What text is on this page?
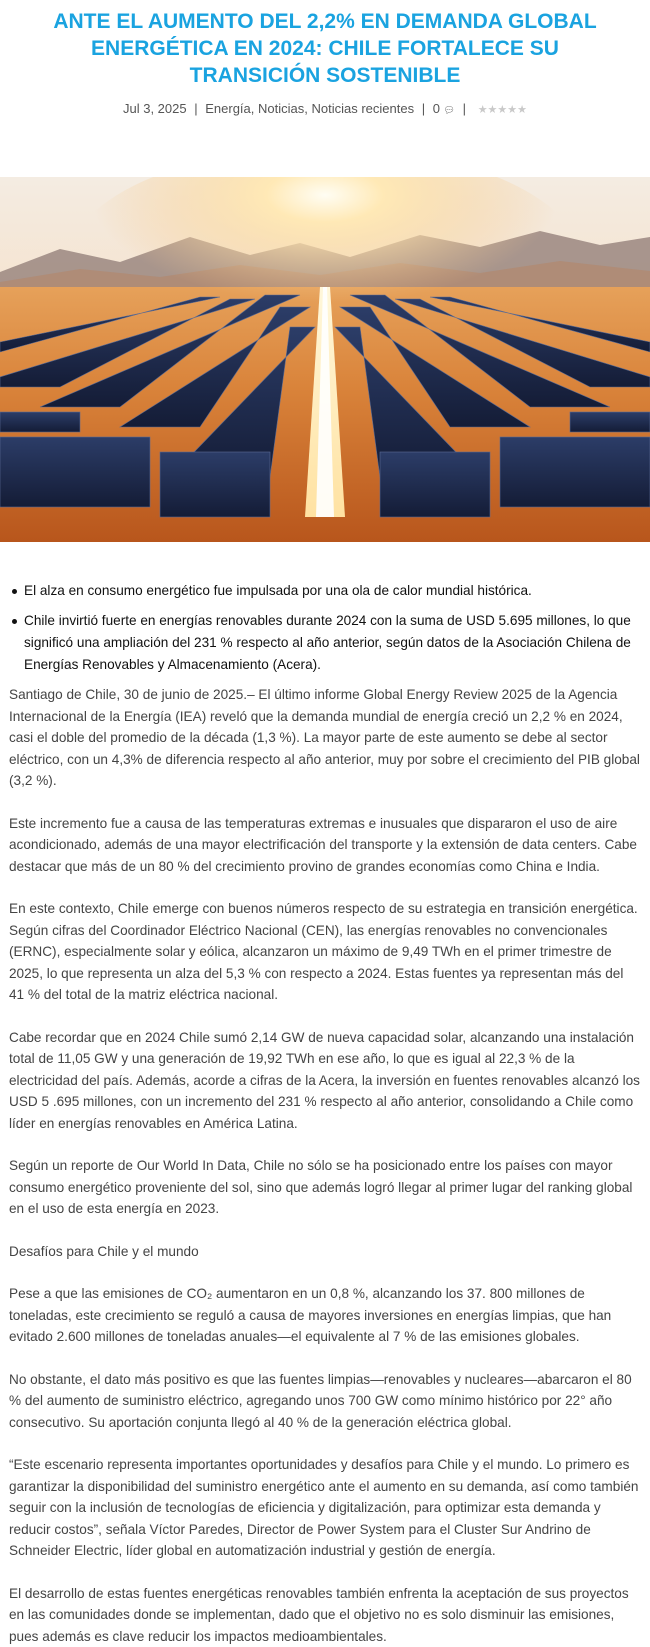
ANTE EL AUMENTO DEL 2,2% EN DEMANDA GLOBAL ENERGÉTICA EN 2024: CHILE FORTALECE SU TRANSICIÓN SOSTENIBLE
Jul 3, 2025 | Energía, Noticias, Noticias recientes | 0 💬︎ | ★★★★★
El alza en consumo energético fue impulsada por una ola de calor mundial histórica.
Chile invirtió fuerte en energías renovables durante 2024 con la suma de USD 5.695 millones, lo que significó una ampliación del 231 % respecto al año anterior, según datos de la Asociación Chilena de Energías Renovables y Almacenamiento (Acera).

Santiago de Chile, 30 de junio de 2025.– El último informe Global Energy Review 2025 de la Agencia Internacional de la Energía (IEA) reveló que la demanda mundial de energía creció un 2,2 % en 2024, casi el doble del promedio de la década (1,3 %). La mayor parte de este aumento se debe al sector eléctrico, con un 4,3% de diferencia respecto al año anterior, muy por sobre el crecimiento del PIB global (3,2 %).

Este incremento fue a causa de las temperaturas extremas e inusuales que dispararon el uso de aire acondicionado, además de una mayor electrificación del transporte y la extensión de data centers. Cabe destacar que más de un 80 % del crecimiento provino de grandes economías como China e India.

En este contexto, Chile emerge con buenos números respecto de su estrategia en transición energética. Según cifras del Coordinador Eléctrico Nacional (CEN), las energías renovables no convencionales (ERNC), especialmente solar y eólica, alcanzaron un máximo de 9,49 TWh en el primer trimestre de 2025, lo que representa un alza del 5,3 % con respecto a 2024. Estas fuentes ya representan más del 41 % del total de la matriz eléctrica nacional.

Cabe recordar que en 2024 Chile sumó 2,14 GW de nueva capacidad solar, alcanzando una instalación total de 11,05 GW y una generación de 19,92 TWh en ese año, lo que es igual al 22,3 % de la electricidad del país. Además, acorde a cifras de la Acera, la inversión en fuentes renovables alcanzó los USD 5 .695 millones, con un incremento del 231 % respecto al año anterior, consolidando a Chile como líder en energías renovables en América Latina.

Según un reporte de Our World In Data, Chile no sólo se ha posicionado entre los países con mayor consumo energético proveniente del sol, sino que además logró llegar al primer lugar del ranking global en el uso de esta energía en 2023.

Desafíos para Chile y el mundo

Pese a que las emisiones de CO₂ aumentaron en un 0,8 %, alcanzando los 37. 800 millones de toneladas, este crecimiento se reguló a causa de mayores inversiones en energías limpias, que han evitado 2.600 millones de toneladas anuales—el equivalente al 7 % de las emisiones globales.

No obstante, el dato más positivo es que las fuentes limpias—renovables y nucleares—abarcaron el 80 % del aumento de suministro eléctrico, agregando unos 700 GW como mínimo histórico por 22° año consecutivo. Su aportación conjunta llegó al 40 % de la generación eléctrica global.

“Este escenario representa importantes oportunidades y desafíos para Chile y el mundo. Lo primero es garantizar la disponibilidad del suministro energético ante el aumento en su demanda, así como también seguir con la inclusión de tecnologías de eficiencia y digitalización, para optimizar esta demanda y reducir costos”, señala Víctor Paredes, Director de Power System para el Cluster Sur Andrino de Schneider Electric, líder global en automatización industrial y gestión de energía.

El desarrollo de estas fuentes energéticas renovables también enfrenta la aceptación de sus proyectos en las comunidades donde se implementan, dado que el objetivo no es solo disminuir las emisiones, pues además es clave reducir los impactos medioambientales.
